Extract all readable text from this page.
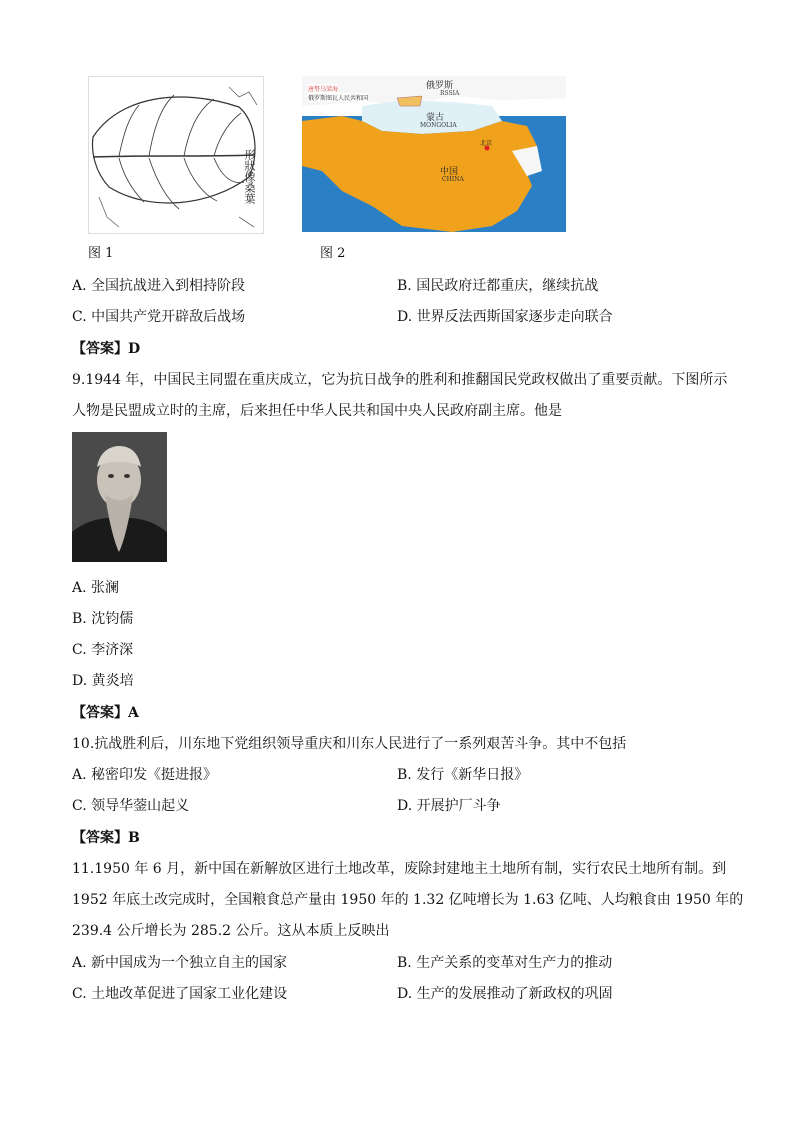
形狀像桑葉
俄罗斯
RSSIA
唐努乌梁海
俄罗斯图瓦人民共和国
蒙古
MONGOLIA
中国
CHINA
北京
图 1	图 2
A. 全国抗战进入到相持阶段	B. 国民政府迁都重庆，继续抗战
C. 中国共产党开辟敌后战场	D. 世界反法西斯国家逐步走向联合
【答案】D
9.1944 年，中国民主同盟在重庆成立，它为抗日战争的胜利和推翻国民党政权做出了重要贡献。下图所示
人物是民盟成立时的主席，后来担任中华人民共和国中央人民政府副主席。他是
A. 张澜
B. 沈钧儒
C. 李济深
D. 黄炎培
【答案】A
10.抗战胜利后，川东地下党组织领导重庆和川东人民进行了一系列艰苦斗争。其中不包括
A. 秘密印发《挺进报》	B. 发行《新华日报》
C. 领导华蓥山起义	D. 开展护厂斗争
【答案】B
11.1950 年 6 月，新中国在新解放区进行土地改革，废除封建地主土地所有制，实行农民土地所有制。到
1952 年底土改完成时，全国粮食总产量由 1950 年的 1.32 亿吨增长为 1.63 亿吨、人均粮食由 1950 年的
239.4 公斤增长为 285.2 公斤。这从本质上反映出
A. 新中国成为一个独立自主的国家	B. 生产关系的变革对生产力的推动
C. 土地改革促进了国家工业化建设	D. 生产的发展推动了新政权的巩固
